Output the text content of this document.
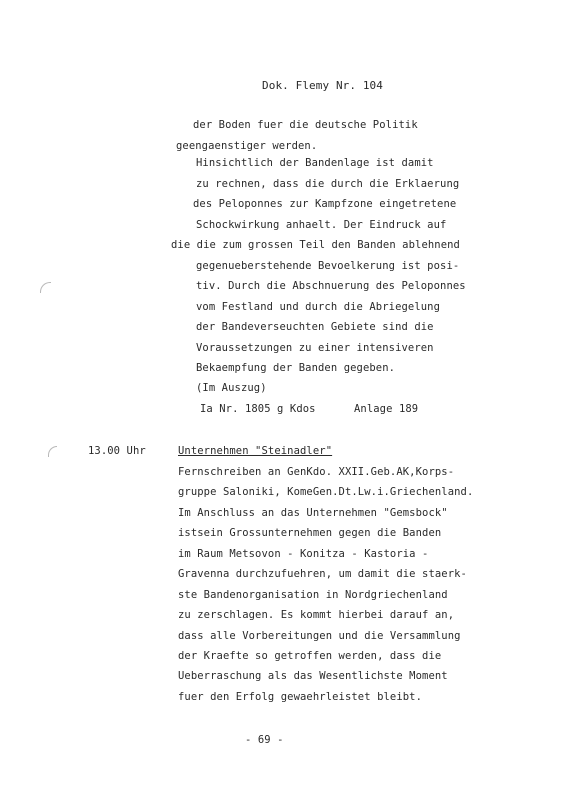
Dok. Flemy Nr. 104
der Boden fuer die deutsche Politik
geengaenstiger werden.
Hinsichtlich der Bandenlage ist damit
zu rechnen, dass die durch die Erklaerung
des Peloponnes zur Kampfzone eingetretene
Schockwirkung anhaelt. Der Eindruck auf
die die zum grossen Teil den Banden ablehnend
gegenueberstehende Bevoelkerung ist posi-
tiv. Durch die Abschnuerung des Peloponnes
vom Festland und durch die Abriegelung
der Bandeverseuchten Gebiete sind die
Voraussetzungen zu einer intensiveren
Bekaempfung der Banden gegeben.
(Im Auszug)
Ia Nr. 1805 g Kdos	Anlage 189
13.00 Uhr	Unternehmen "Steinadler"
Fernschreiben an GenKdo. XXII.Geb.AK,Korps-
gruppe Saloniki, KomeGen.Dt.Lw.i.Griechenland.
Im Anschluss an das Unternehmen "Gemsbock"
istsein Grossunternehmen gegen die Banden
im Raum Metsovon - Konitza - Kastoria -
Gravenna durchzufuehren, um damit die staerk-
ste Bandenorganisation in Nordgriechenland
zu zerschlagen. Es kommt hierbei darauf an,
dass alle Vorbereitungen und die Versammlung
der Kraefte so getroffen werden, dass die
Ueberraschung als das Wesentlichste Moment
fuer den Erfolg gewaehrleistet bleibt.
- 69 -
